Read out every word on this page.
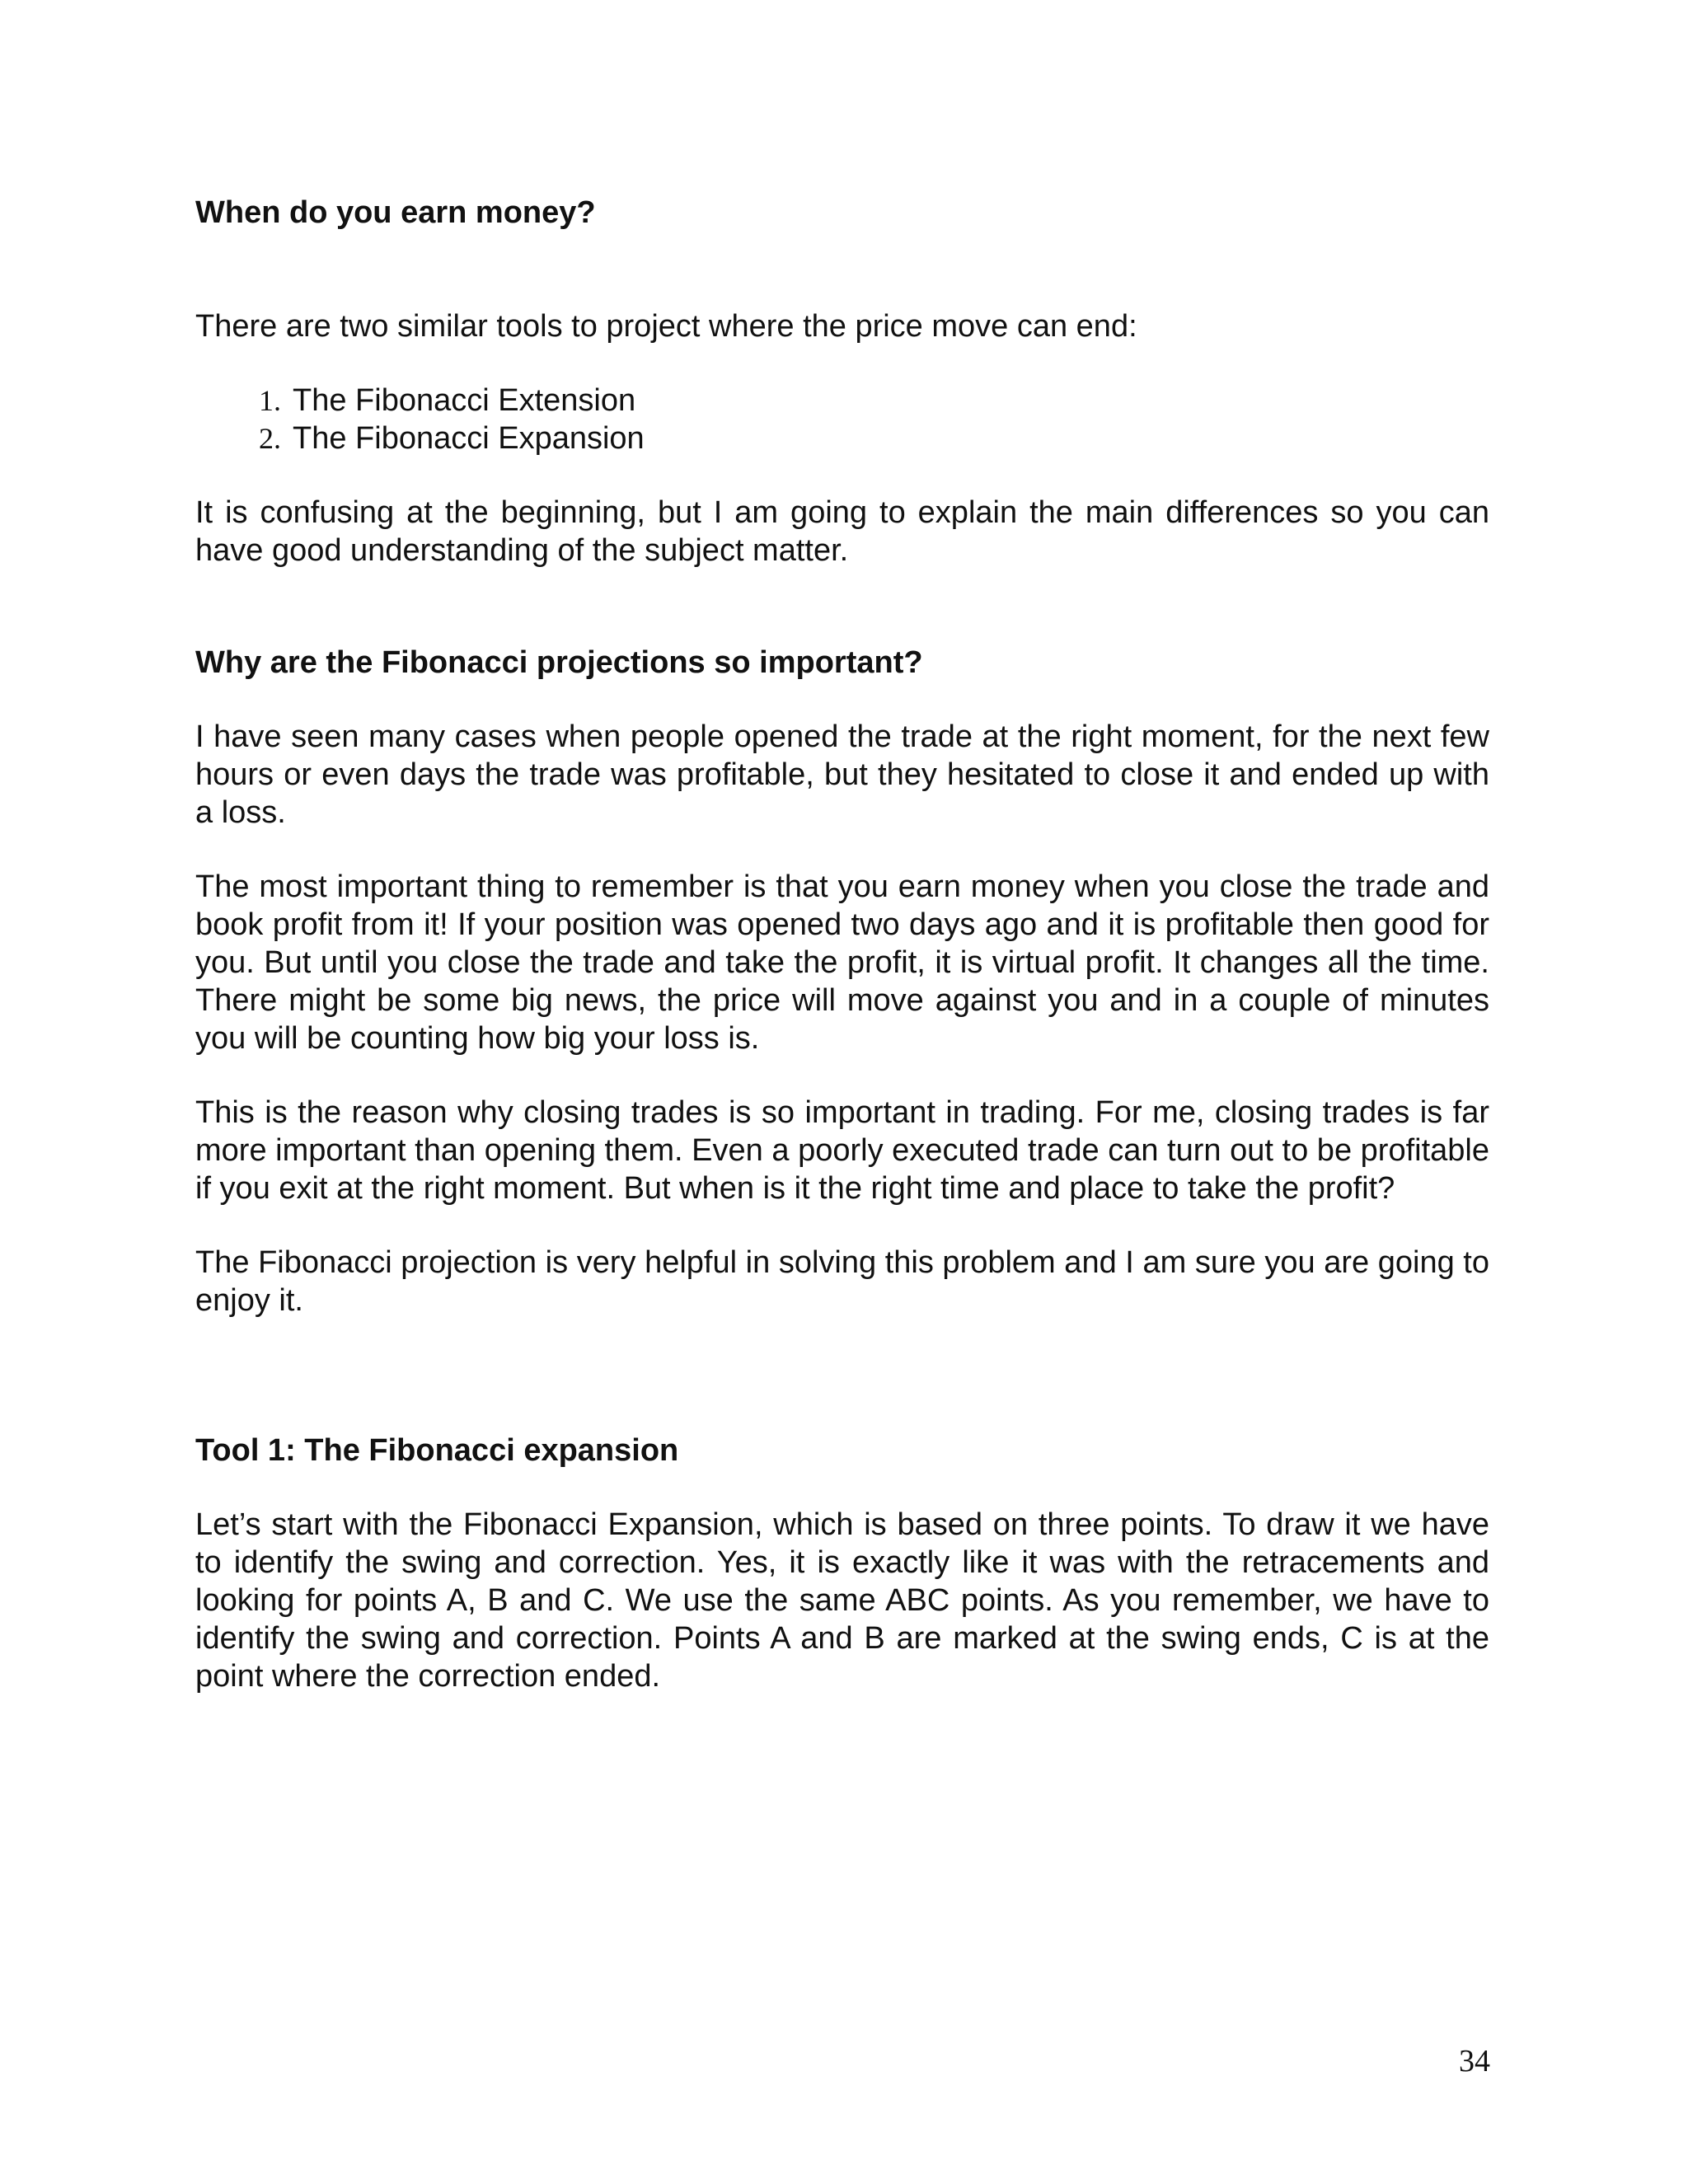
When do you earn money?

There are two similar tools to project where the price move can end:

1. The Fibonacci Extension
2. The Fibonacci Expansion

It is confusing at the beginning, but I am going to explain the main differences so you can have good understanding of the subject matter.

Why are the Fibonacci projections so important?

I have seen many cases when people opened the trade at the right moment, for the next few hours or even days the trade was profitable, but they hesitated to close it and ended up with a loss.

The most important thing to remember is that you earn money when you close the trade and book profit from it! If your position was opened two days ago and it is profitable then good for you. But until you close the trade and take the profit, it is virtual profit. It changes all the time. There might be some big news, the price will move against you and in a couple of minutes you will be counting how big your loss is.

This is the reason why closing trades is so important in trading. For me, closing trades is far more important than opening them. Even a poorly executed trade can turn out to be profitable if you exit at the right moment. But when is it the right time and place to take the profit?

The Fibonacci projection is very helpful in solving this problem and I am sure you are going to enjoy it.

Tool 1: The Fibonacci expansion

Let’s start with the Fibonacci Expansion, which is based on three points. To draw it we have to identify the swing and correction. Yes, it is exactly like it was with the retracements and looking for points A, B and C. We use the same ABC points. As you remember, we have to identify the swing and correction. Points A and B are marked at the swing ends, C is at the point where the correction ended.

34
